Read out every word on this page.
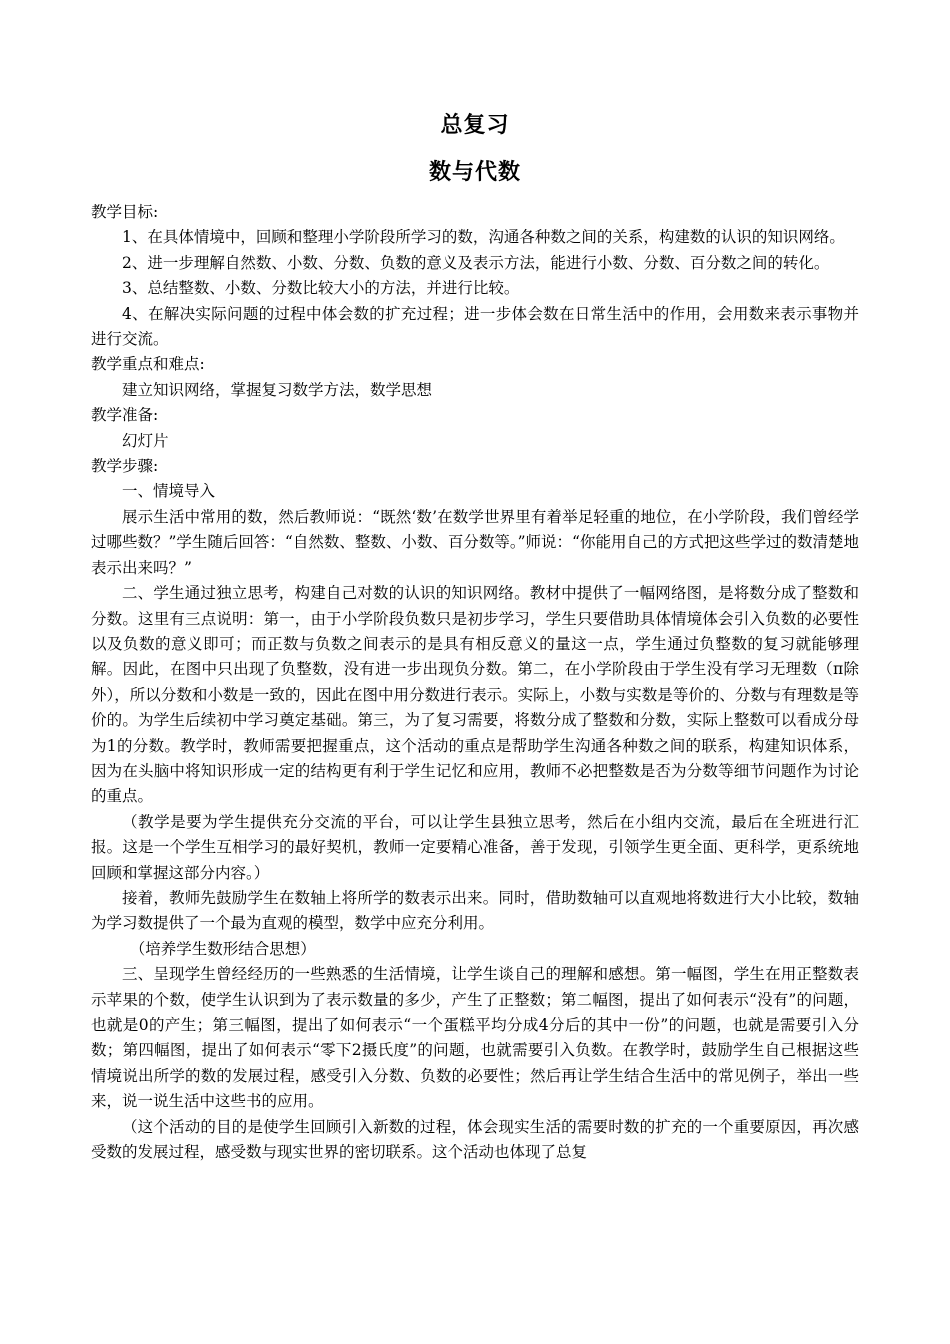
总复习
数与代数

教学目标:

1、在具体情境中，回顾和整理小学阶段所学习的数，沟通各种数之间的关系，构建数的认识的知识网络。

2、进一步理解自然数、小数、分数、负数的意义及表示方法，能进行小数、分数、百分数之间的转化。

3、总结整数、小数、分数比较大小的方法，并进行比较。

4、在解决实际问题的过程中体会数的扩充过程；进一步体会数在日常生活中的作用，会用数来表示事物并进行交流。

教学重点和难点:

建立知识网络，掌握复习数学方法，数学思想

教学准备:

幻灯片

教学步骤:

一、情境导入

展示生活中常用的数，然后教师说：“既然‘数’在数学世界里有着举足轻重的地位，在小学阶段，我们曾经学过哪些数？”学生随后回答：“自然数、整数、小数、百分数等。”师说：“你能用自己的方式把这些学过的数清楚地表示出来吗？”

二、学生通过独立思考，构建自己对数的认识的知识网络。教材中提供了一幅网络图，是将数分成了整数和分数。这里有三点说明：第一，由于小学阶段负数只是初步学习，学生只要借助具体情境体会引入负数的必要性以及负数的意义即可；而正数与负数之间表示的是具有相反意义的量这一点，学生通过负整数的复习就能够理解。因此，在图中只出现了负整数，没有进一步出现负分数。第二，在小学阶段由于学生没有学习无理数（π除外），所以分数和小数是一致的，因此在图中用分数进行表示。实际上，小数与实数是等价的、分数与有理数是等价的。为学生后续初中学习奠定基础。第三，为了复习需要，将数分成了整数和分数，实际上整数可以看成分母为1的分数。教学时，教师需要把握重点，这个活动的重点是帮助学生沟通各种数之间的联系，构建知识体系，因为在头脑中将知识形成一定的结构更有利于学生记忆和应用，教师不必把整数是否为分数等细节问题作为讨论的重点。

（教学是要为学生提供充分交流的平台，可以让学生县独立思考，然后在小组内交流，最后在全班进行汇报。这是一个学生互相学习的最好契机，教师一定要精心准备，善于发现，引领学生更全面、更科学，更系统地回顾和掌握这部分内容。）

接着，教师先鼓励学生在数轴上将所学的数表示出来。同时，借助数轴可以直观地将数进行大小比较，数轴为学习数提供了一个最为直观的模型，数学中应充分利用。

（培养学生数形结合思想）

三、呈现学生曾经经历的一些熟悉的生活情境，让学生谈自己的理解和感想。第一幅图，学生在用正整数表示苹果的个数，使学生认识到为了表示数量的多少，产生了正整数；第二幅图，提出了如何表示“没有”的问题，也就是0的产生；第三幅图，提出了如何表示“一个蛋糕平均分成4分后的其中一份”的问题，也就是需要引入分数；第四幅图，提出了如何表示“零下2摄氏度”的问题，也就需要引入负数。在教学时，鼓励学生自己根据这些情境说出所学的数的发展过程，感受引入分数、负数的必要性；然后再让学生结合生活中的常见例子，举出一些来，说一说生活中这些书的应用。

（这个活动的目的是使学生回顾引入新数的过程，体会现实生活的需要时数的扩充的一个重要原因，再次感受数的发展过程，感受数与现实世界的密切联系。这个活动也体现了总复
